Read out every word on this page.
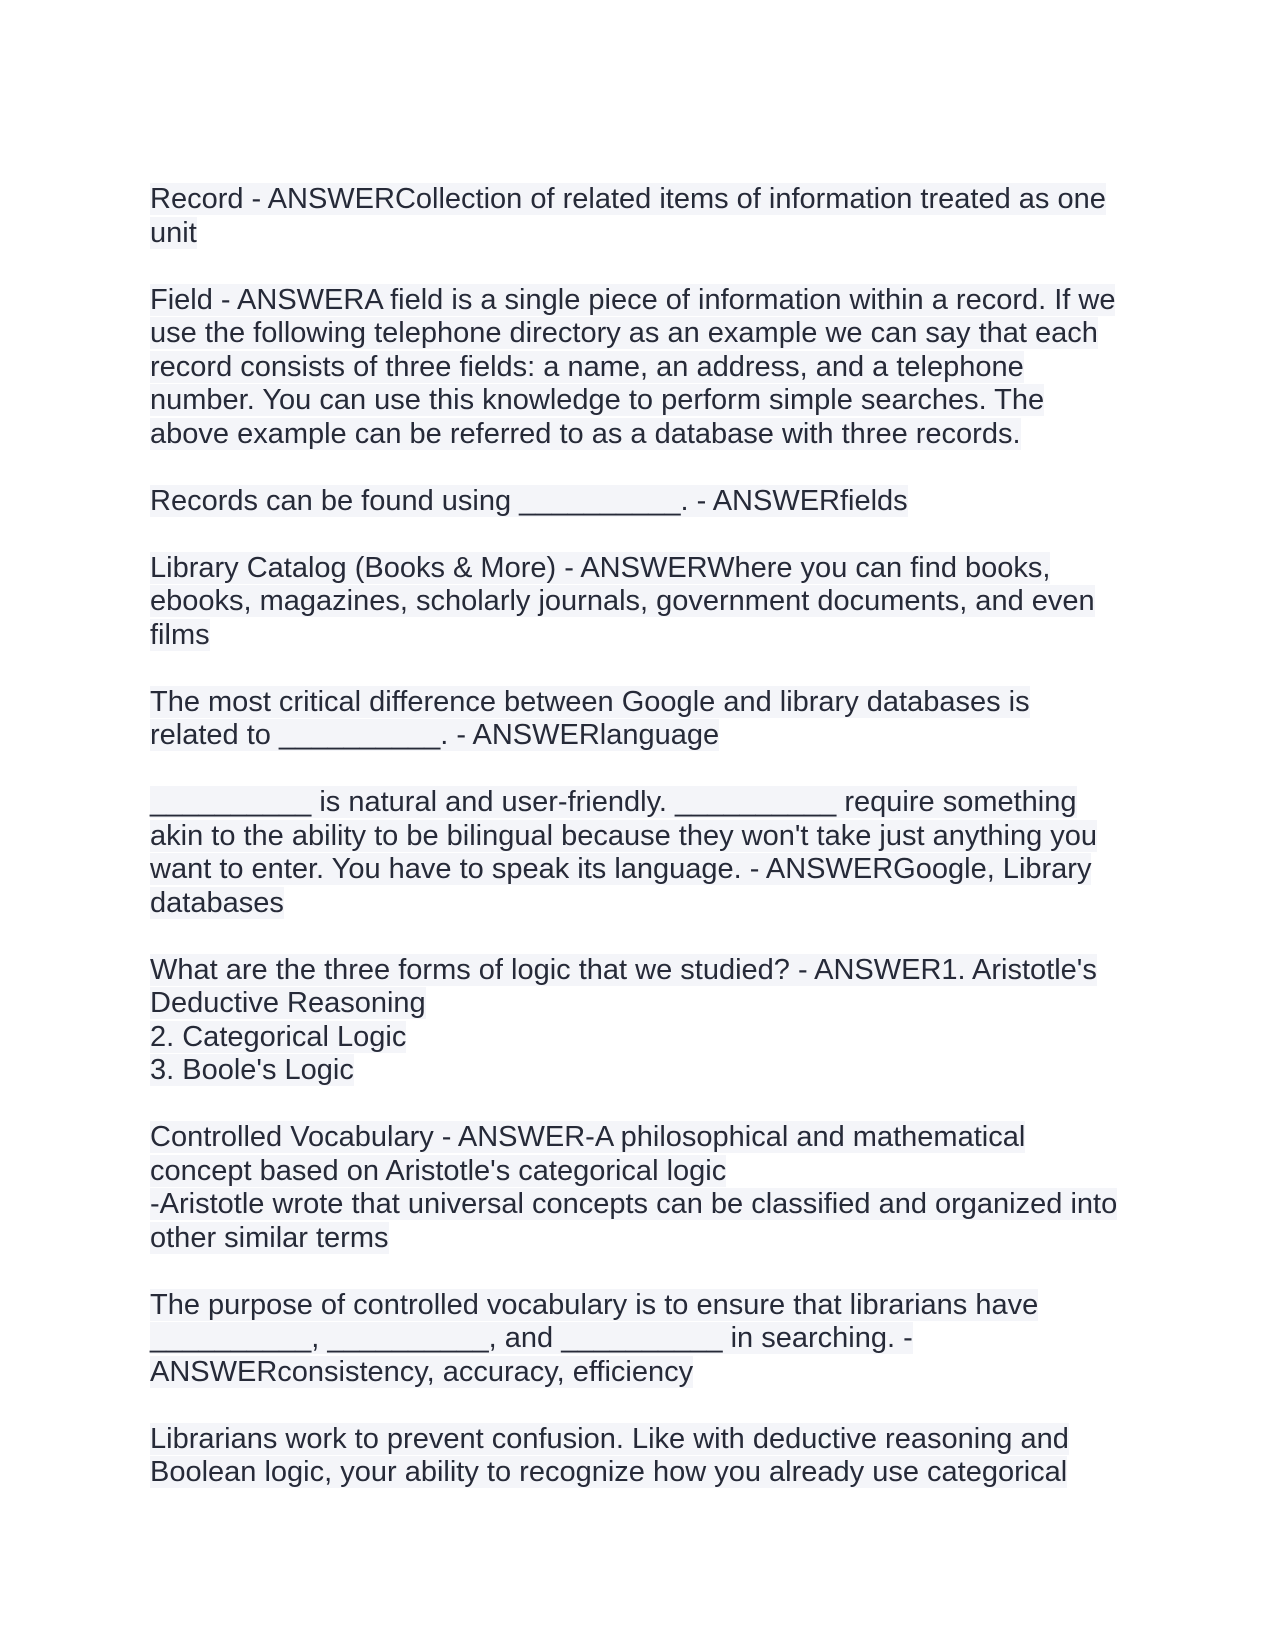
Record - ANSWERCollection of related items of information treated as one
unit
Field - ANSWERA field is a single piece of information within a record. If we
use the following telephone directory as an example we can say that each
record consists of three fields: a name, an address, and a telephone
number. You can use this knowledge to perform simple searches. The
above example can be referred to as a database with three records.
Records can be found using __________. - ANSWERfields
Library Catalog (Books & More) - ANSWERWhere you can find books,
ebooks, magazines, scholarly journals, government documents, and even
films
The most critical difference between Google and library databases is
related to __________. - ANSWERlanguage
__________ is natural and user-friendly. __________ require something
akin to the ability to be bilingual because they won't take just anything you
want to enter. You have to speak its language. - ANSWERGoogle, Library
databases
What are the three forms of logic that we studied? - ANSWER1. Aristotle's
Deductive Reasoning
2. Categorical Logic
3. Boole's Logic
Controlled Vocabulary - ANSWER-A philosophical and mathematical
concept based on Aristotle's categorical logic
-Aristotle wrote that universal concepts can be classified and organized into
other similar terms
The purpose of controlled vocabulary is to ensure that librarians have
__________, __________, and __________ in searching. -
ANSWERconsistency, accuracy, efficiency
Librarians work to prevent confusion. Like with deductive reasoning and
Boolean logic, your ability to recognize how you already use categorical
